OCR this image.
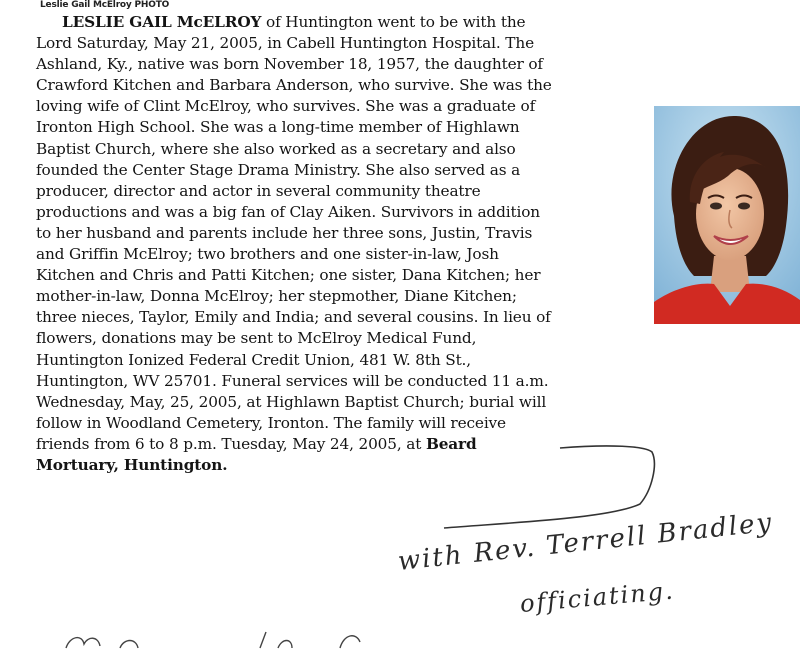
Leslie Gail McElroy PHOTO
LESLIE GAIL McELROY of Huntington went to be with the
Lord Saturday, May 21, 2005, in Cabell Huntington Hospital. The
Ashland, Ky., native was born November 18, 1957, the daughter of
Crawford Kitchen and Barbara Anderson, who survive. She was the
loving wife of Clint McElroy, who survives. She was a graduate of
Ironton High School. She was a long-time member of Highlawn
Baptist Church, where she also worked as a secretary and also
founded the Center Stage Drama Ministry. She also served as a
producer, director and actor in several community theatre
productions and was a big fan of Clay Aiken. Survivors in addition
to her husband and parents include her three sons, Justin, Travis
and Griffin McElroy; two brothers and one sister-in-law, Josh
Kitchen and Chris and Patti Kitchen; one sister, Dana Kitchen; her
mother-in-law, Donna McElroy; her stepmother, Diane Kitchen;
three nieces, Taylor, Emily and India; and several cousins. In lieu of
flowers, donations may be sent to McElroy Medical Fund,
Huntington Ionized Federal Credit Union, 481 W. 8th St.,
Huntington, WV 25701. Funeral services will be conducted 11 a.m.
Wednesday, May, 25, 2005, at Highlawn Baptist Church; burial will
follow in Woodland Cemetery, Ironton. The family will receive
friends from 6 to 8 p.m. Tuesday, May 24, 2005, at Beard
Mortuary, Huntington.
with Rev. Terrell Bradley
officiating.
